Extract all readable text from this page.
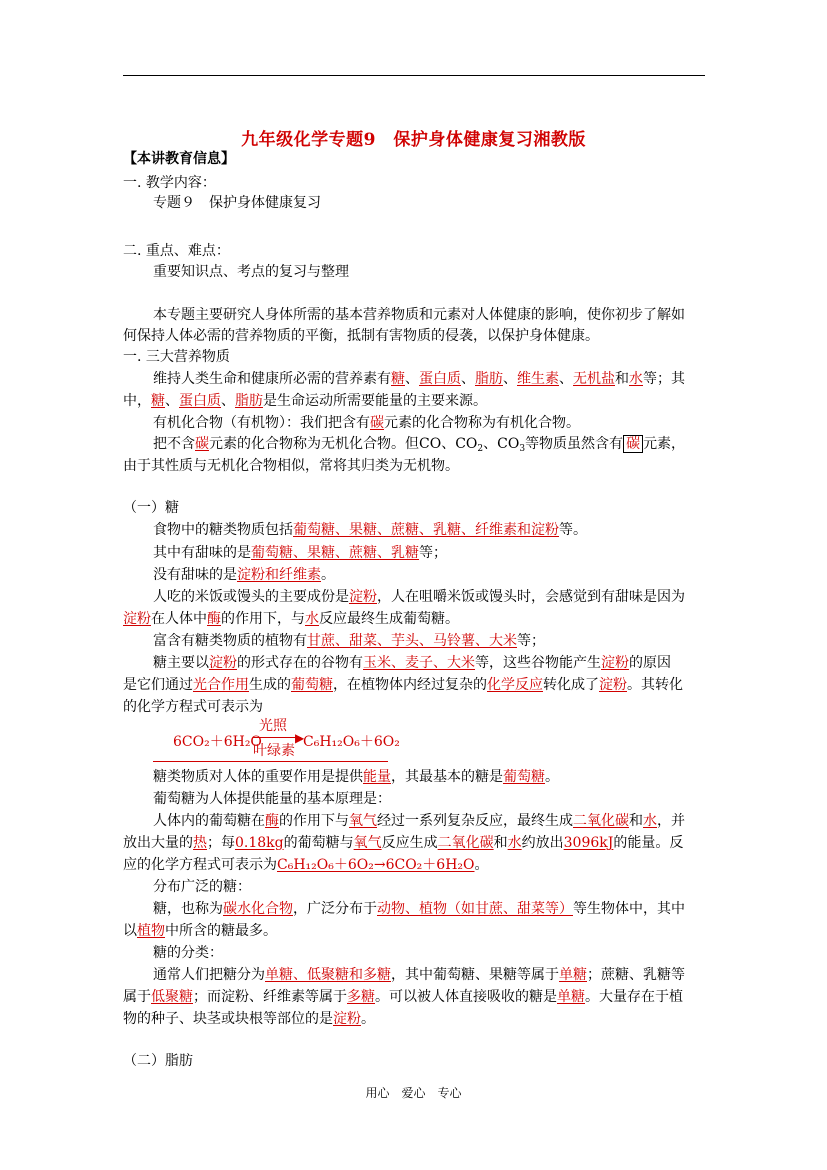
九年级化学专题9　保护身体健康复习湘教版
【本讲教育信息】
一. 教学内容：
专题９　保护身体健康复习
二. 重点、难点：
重要知识点、考点的复习与整理
本专题主要研究人身体所需的基本营养物质和元素对人体健康的影响，使你初步了解如
何保持人体必需的营养物质的平衡，抵制有害物质的侵袭，以保护身体健康。
一. 三大营养物质
维持人类生命和健康所必需的营养素有糖、蛋白质、脂肪、维生素、无机盐和水等；其
中，糖、蛋白质、脂肪是生命运动所需要能量的主要来源。
有机化合物（有机物）：我们把含有碳元素的化合物称为有机化合物。
把不含碳元素的化合物称为无机化合物。但CO、$CO_2$、$CO_3$等物质虽然含有 碳 元素，
由于其性质与无机化合物相似，常将其归类为无机物。
（一）糖
食物中的糖类物质包括葡萄糖、果糖、蔗糖、乳糖、纤维素和淀粉等。
其中有甜味的是葡萄糖、果糖、蔗糖、乳糖等；
没有甜味的是淀粉和纤维素。
人吃的米饭或馒头的主要成份是淀粉，人在咀嚼米饭或馒头时，会感觉到有甜味是因为
淀粉在人体中酶的作用下，与水反应最终生成葡萄糖。
富含有糖类物质的植物有甘蔗、甜菜、芋头、马铃薯、大米等；
糖主要以淀粉的形式存在的谷物有玉米、麦子、大米等，这些谷物能产生淀粉的原因
是它们通过光合作用生成的葡萄糖，在植物体内经过复杂的化学反应转化成了淀粉。其转化
的化学方程式可表示为
6CO₂＋6H₂O
光照
▶
叶绿素
C₆H₁₂O₆＋6O₂
糖类物质对人体的重要作用是提供能量，其最基本的糖是葡萄糖。
葡萄糖为人体提供能量的基本原理是：
人体内的葡萄糖在酶的作用下与氧气经过一系列复杂反应，最终生成二氧化碳和水，并
放出大量的热；每0.18kg的葡萄糖与氧气反应生成二氧化碳和水约放出3096kJ的能量。反
应的化学方程式可表示为C₆H₁₂O₆＋6O₂→6CO₂＋6H₂O。
分布广泛的糖：
糖，也称为碳水化合物，广泛分布于动物、植物（如甘蔗、甜菜等）等生物体中，其中
以植物中所含的糖最多。
糖的分类：
通常人们把糖分为单糖、低聚糖和多糖，其中葡萄糖、果糖等属于单糖；蔗糖、乳糖等
属于低聚糖；而淀粉、纤维素等属于多糖。可以被人体直接吸收的糖是单糖。大量存在于植
物的种子、块茎或块根等部位的是淀粉。
（二）脂肪
用心　爱心　专心
